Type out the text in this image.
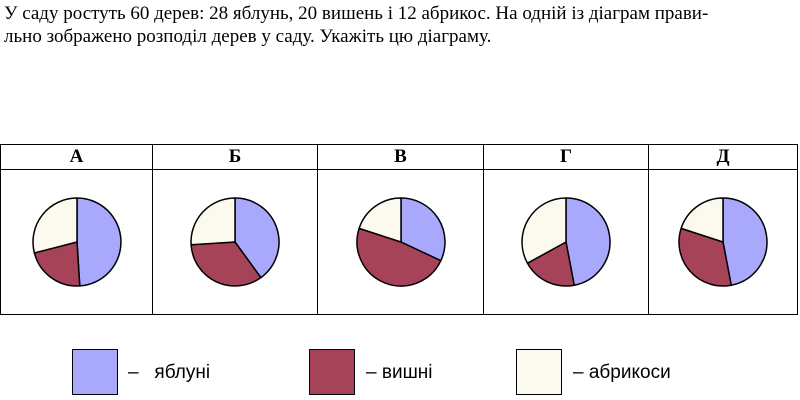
У саду ростуть 60 дерев: 28 яблунь, 20 вишень і 12 абрикос. На одній із діаграм прави-
льно зображено розподіл дерев у саду. Укажіть цю діаграму.
А	Б	В	Г	Д

– яблуні	– вишні	– абрикоси
